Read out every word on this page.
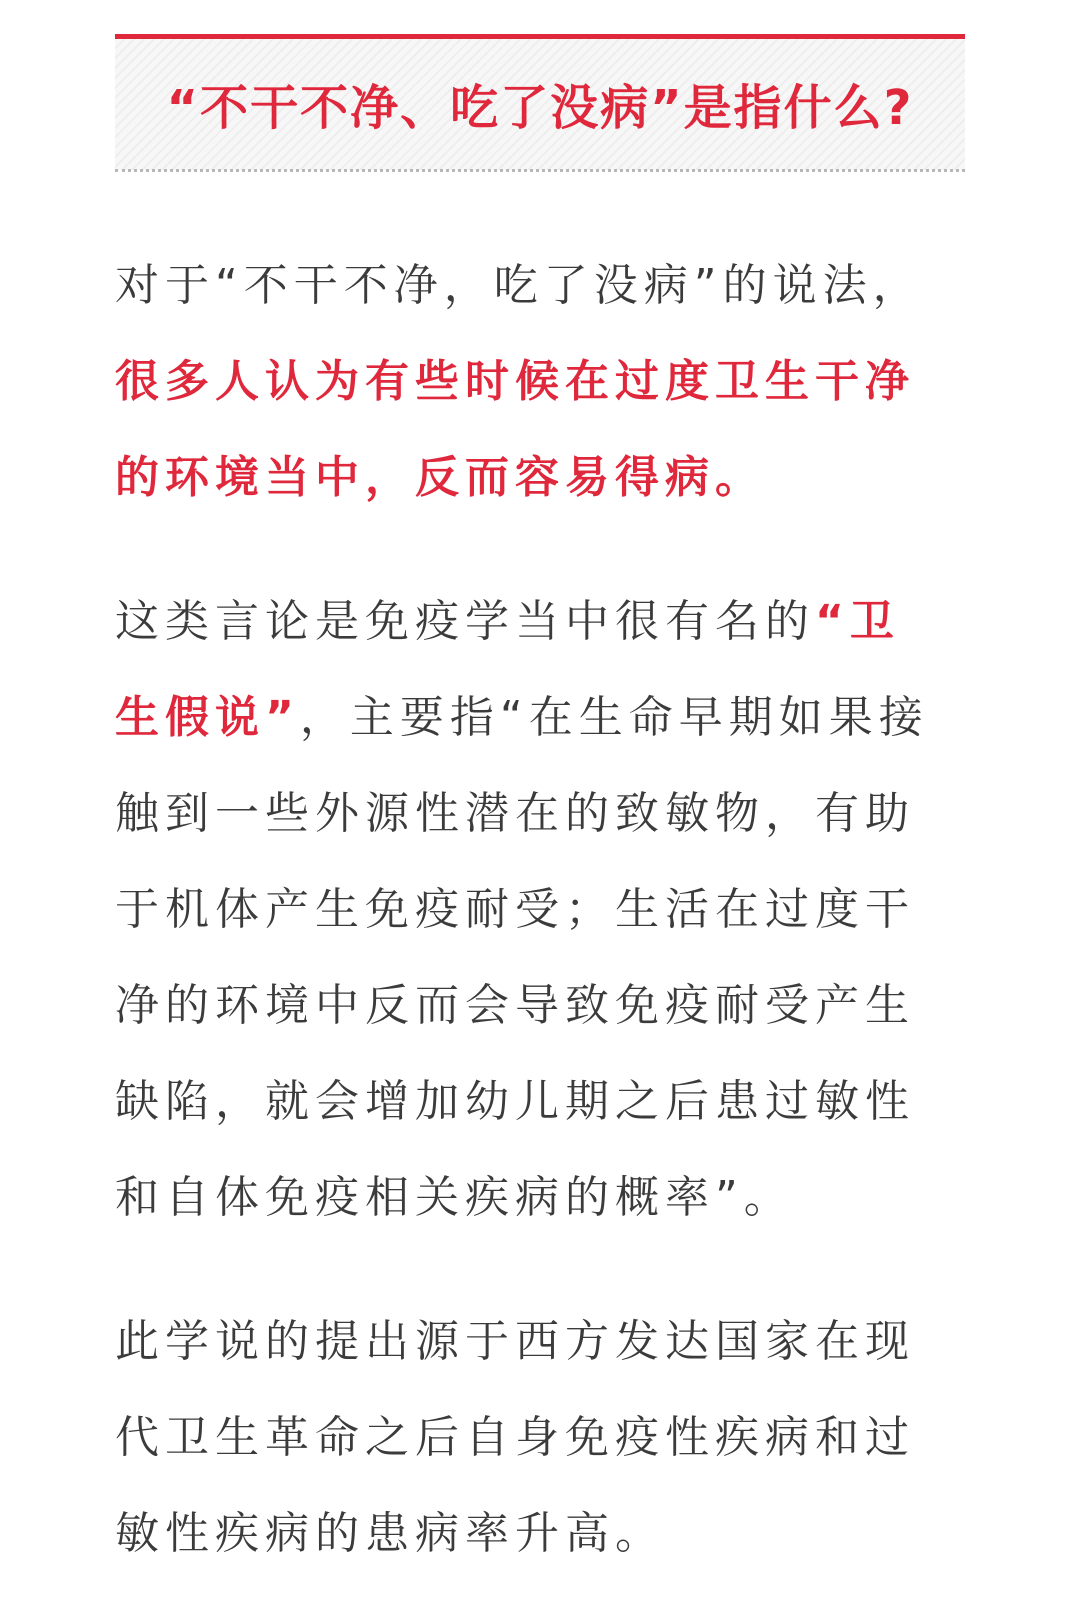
“不干不净、吃了没病”是指什么?

对于“不干不净，吃了没病”的说法，
很多人认为有些时候在过度卫生干净
的环境当中，反而容易得病。

这类言论是免疫学当中很有名的“卫
生假说”，主要指“在生命早期如果接
触到一些外源性潜在的致敏物，有助
于机体产生免疫耐受；生活在过度干
净的环境中反而会导致免疫耐受产生
缺陷，就会增加幼儿期之后患过敏性
和自体免疫相关疾病的概率”。

此学说的提出源于西方发达国家在现
代卫生革命之后自身免疫性疾病和过
敏性疾病的患病率升高。
